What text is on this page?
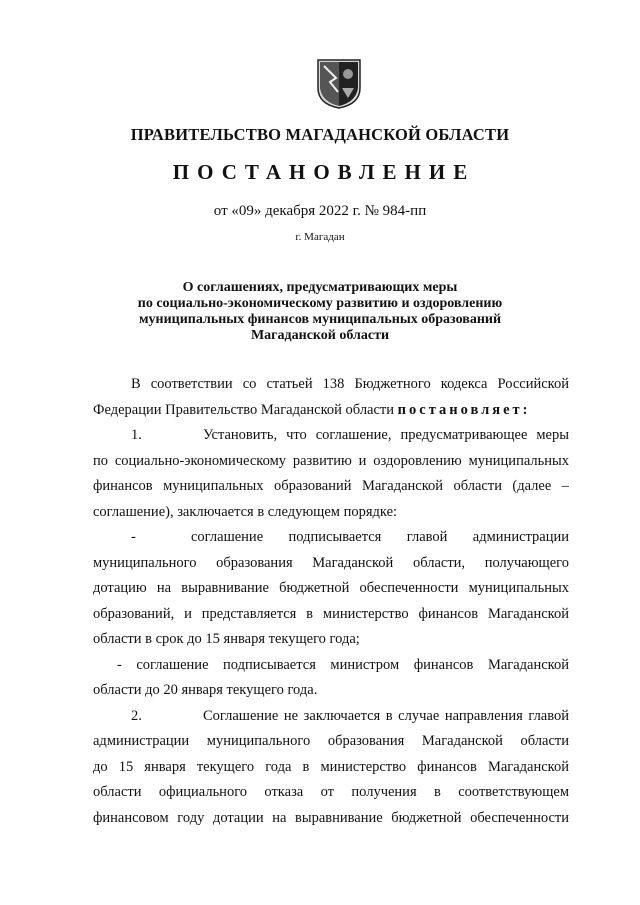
ПРАВИТЕЛЬСТВО МАГАДАНСКОЙ ОБЛАСТИ
ПОСТАНОВЛЕНИЕ
от «09» декабря 2022 г. № 984-пп
г. Магадан
О соглашениях, предусматривающих меры
по социально-экономическому развитию и оздоровлению
муниципальных финансов муниципальных образований
Магаданской области
В соответствии со статьей 138 Бюджетного кодекса Российской
Федерации Правительство Магаданской области постановляет:
1.	Установить, что соглашение, предусматривающее меры
по социально-экономическому развитию и оздоровлению муниципальных
финансов муниципальных образований Магаданской области (далее –
соглашение), заключается в следующем порядке:
-	соглашение подписывается главой администрации
муниципального образования Магаданской области, получающего
дотацию на выравнивание бюджетной обеспеченности муниципальных
образований, и представляется в министерство финансов Магаданской
области в срок до 15 января текущего года;
- соглашение подписывается министром финансов Магаданской
области до 20 января текущего года.
2.	Соглашение не заключается в случае направления главой
администрации муниципального образования Магаданской области
до 15 января текущего года в министерство финансов Магаданской
области официального отказа от получения в соответствующем
финансовом году дотации на выравнивание бюджетной обеспеченности
